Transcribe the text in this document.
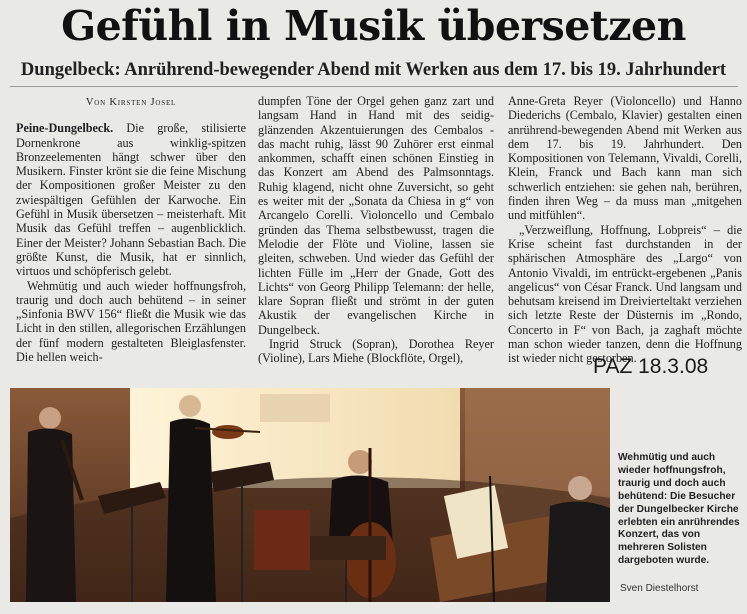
Gefühl in Musik übersetzen
Dungelbeck: Anrührend-bewegender Abend mit Werken aus dem 17. bis 19. Jahrhundert
Von Kirsten Josel

Peine-Dungelbeck. Die große, stilisierte Dornenkrone aus winklig-spitzen Bronzeelementen hängt schwer über den Musikern. Finster krönt sie die feine Mischung der Kompositionen großer Meister zu den zwiespältigen Gefühlen der Karwoche. Ein Gefühl in Musik übersetzen – meisterhaft. Mit Musik das Gefühl treffen – augenblicklich. Einer der Meister? Johann Sebastian Bach. Die größte Kunst, die Musik, hat er sinnlich, virtuos und schöpferisch gelebt.

Wehmütig und auch wieder hoffnungsfroh, traurig und doch auch behütend – in seiner „Sinfonia BWV 156“ fließt die Musik wie das Licht in den stillen, allegorischen Erzählungen der fünf modern gestalteten Bleiglasfenster. Die hellen weich-

dumpfen Töne der Orgel gehen ganz zart und langsam Hand in Hand mit des seidig-glänzenden Akzentuierungen des Cembalos - das macht ruhig, lässt 90 Zuhörer erst einmal ankommen, schafft einen schönen Einstieg in das Konzert am Abend des Palmsonntags. Ruhig klagend, nicht ohne Zuversicht, so geht es weiter mit der „Sonata da Chiesa in g“ von Arcangelo Corelli. Violoncello und Cembalo gründen das Thema selbstbewusst, tragen die Melodie der Flöte und Violine, lassen sie gleiten, schweben. Und wieder das Gefühl der lichten Fülle im „Herr der Gnade, Gott des Lichts“ von Georg Philipp Telemann: der helle, klare Sopran fließt und strömt in der guten Akustik der evangelischen Kirche in Dungelbeck.

Ingrid Struck (Sopran), Dorothea Reyer (Violine), Lars Miehe (Blockflöte, Orgel),

Anne-Greta Reyer (Violoncello) und Hanno Diederichs (Cembalo, Klavier) gestalten einen anrührend-bewegenden Abend mit Werken aus dem 17. bis 19. Jahrhundert. Den Kompositionen von Telemann, Vivaldi, Corelli, Klein, Franck und Bach kann man sich schwerlich entziehen: sie gehen nah, berühren, finden ihren Weg – da muss man „mitgehen und mitfühlen“.

„Verzweiflung, Hoffnung, Lobpreis“ – die Krise scheint fast durchstanden in der sphärischen Atmosphäre des „Largo“ von Antonio Vivaldi, im entrückt-ergebenen „Panis angelicus“ von César Franck. Und langsam und behutsam kreisend im Dreivierteltakt verziehen sich letzte Reste der Düsternis im „Rondo, Concerto in F“ von Bach, ja zaghaft möchte man schon wieder tanzen, denn die Hoffnung ist wieder nicht gestorben.

PAZ 18.3.08
Wehmütig und auch wieder hoffnungsfroh, traurig und doch auch behütend: Die Besucher der Dungelbecker Kirche erlebten ein anrührendes Konzert, das von mehreren Solisten dargeboten wurde.
Sven Diestelhorst
